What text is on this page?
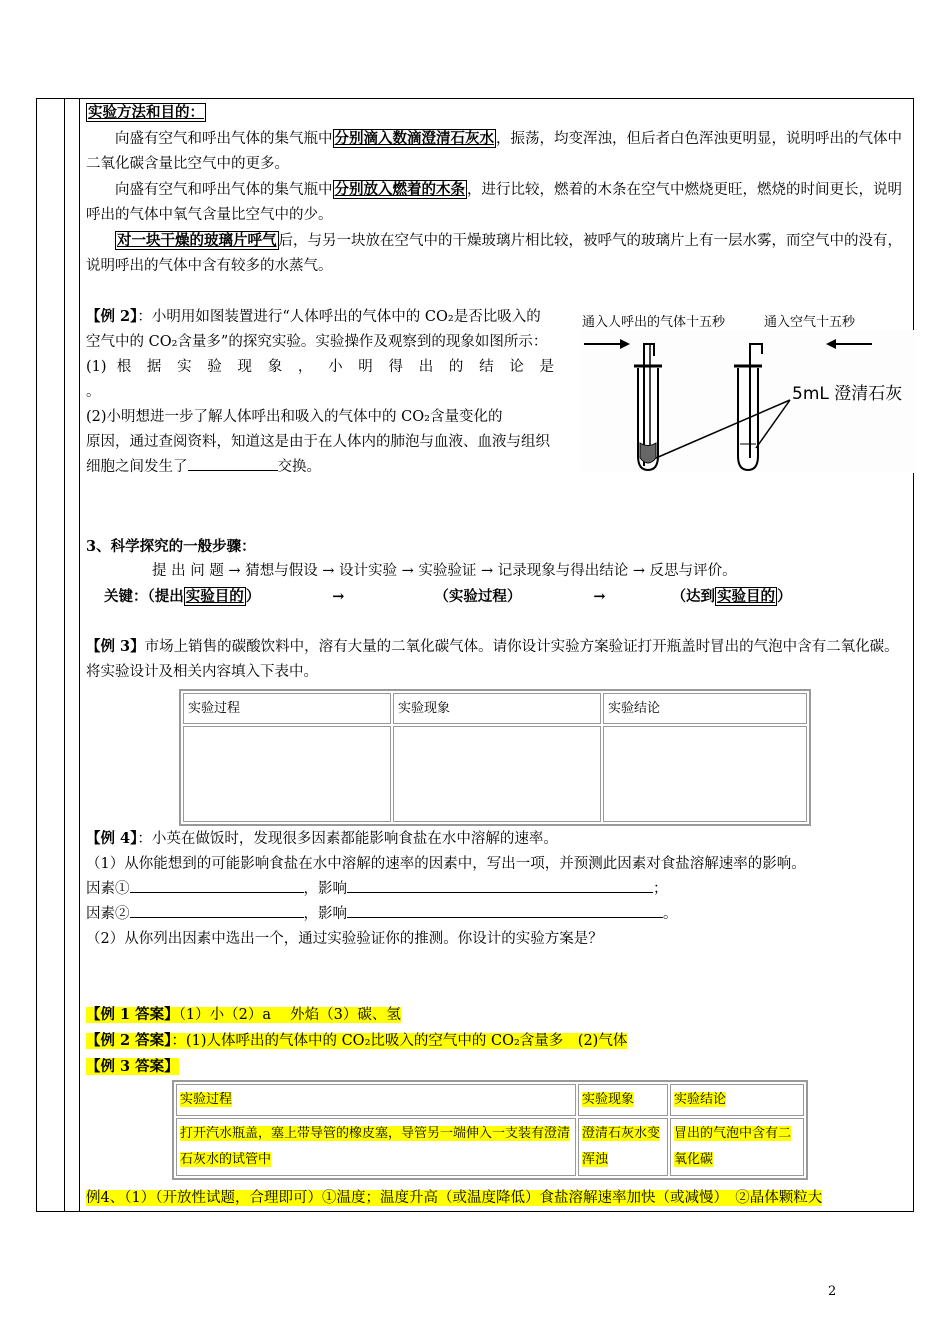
实验方法和目的：

向盛有空气和呼出气体的集气瓶中 分别滴入数滴澄清石灰水 ，振荡，均变浑浊，但后者白色浑浊更明显，说明呼出的气体中二氧化碳含量比空气中的更多。

向盛有空气和呼出气体的集气瓶中 分别放入燃着的木条 ，进行比较，燃着的木条在空气中燃烧更旺，燃烧的时间更长，说明呼出的气体中氧气含量比空气中的少。

对一块干燥的玻璃片呼气 后，与另一块放在空气中的干燥玻璃片相比较，被呼气的玻璃片上有一层水雾，而空气中的没有，说明呼出的气体中含有较多的水蒸气。

【例 2】：小明用如图装置进行“人体呼出的气体中的 CO₂是否比吸入的空气中的 CO₂含量多”的探究实验。实验操作及观察到的现象如图所示：

(1) 根 据 实 验 现 象 ， 小 明 得 出 的 结 论 是

。

(2)小明想进一步了解人体呼出和吸入的气体中的 CO₂含量变化的

原因，通过查阅资料，知道这是由于在人体内的肺泡与血液、血液与组织细胞之间发生了	交换。

通入人呼出的气体十五秒	通入空气十五秒
5mL 澄清石灰

3、科学探究的一般步骤：

提 出 问 题 → 猜想与假设 → 设计实验 → 实验验证 → 记录现象与得出结论 → 反思与评价。

关键：（提出 实验目的 ）	→	（实验过程）	→	（达到 实验目的 ）

【例 3】市场上销售的碳酸饮料中，溶有大量的二氧化碳气体。请你设计实验方案验证打开瓶盖时冒出的气泡中含有二氧化碳。将实验设计及相关内容填入下表中。

实验过程	实验现象	实验结论

【例 4】：小英在做饭时，发现很多因素都能影响食盐在水中溶解的速率。

（1）从你能想到的可能影响食盐在水中溶解的速率的因素中，写出一项，并预测此因素对食盐溶解速率的影响。

因素①	，影响	；

因素②	，影响	。

（2）从你列出因素中选出一个，通过实验验证你的推测。你设计的实验方案是？

【例 1 答案】（1）小（2）a　 外焰（3）碳、氢

【例 2 答案】：(1)人体呼出的气体中的 CO₂比吸入的空气中的 CO₂含量多　(2)气体

【例 3 答案】

实验过程	实验现象	实验结论
打开汽水瓶盖，塞上带导管的橡皮塞，导管另一端伸入一支装有澄清石灰水的试管中	澄清石灰水变浑浊	冒出的气泡中含有二氧化碳

例4、（1）（开放性试题，合理即可）①温度；温度升高（或温度降低）食盐溶解速率加快（或减慢）　②晶体颗粒大

2
